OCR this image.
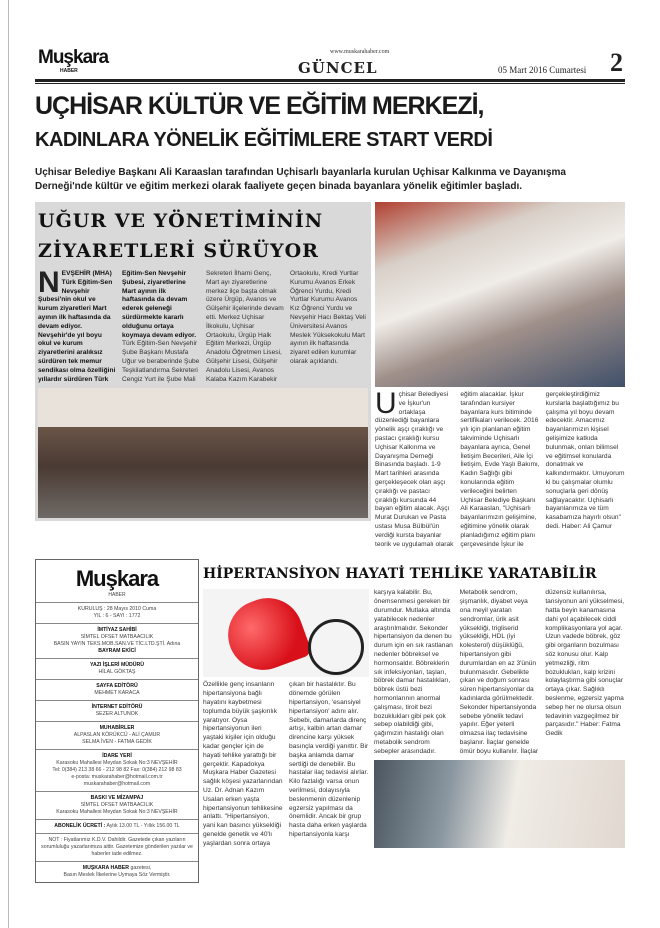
Muşkara
HABER
www.muskarahaber.com
GÜNCEL	05 Mart 2016 Cumartesi 2
UÇHİSAR KÜLTÜR VE EĞİTİM MERKEZİ,
KADINLARA YÖNELİK EĞİTİMLERE START VERDİ
Uçhisar Belediye Başkanı Ali Karaaslan tarafından Uçhisarlı bayanlarla kurulan Uçhisar Kalkınma ve Dayanışma
Derneği'nde kültür ve eğitim merkezi olarak faaliyete geçen binada bayanlara yönelik eğitimler başladı.
UĞUR VE YÖNETİMİNİN
ZİYARETLERİ SÜRÜYOR
NEVŞEHİR (MHA) Türk Eğitim-Sen Nevşehir Şubesi'nin okul ve kurum ziyaretleri Mart ayının ilk haftasında da devam ediyor. Nevşehir'de yıl boyu okul ve kurum ziyaretlerini aralıksız sürdüren tek memur sendikası olma özelliğini yıllardır sürdüren Türk Eğitim-Sen Nevşehir Şubesi, ziyaretlerine Mart ayının ilk haftasında da devam ederek geleneği sürdürmekte kararlı olduğunu ortaya koymaya devam ediyor. Türk Eğitim-Sen Nevşehir Şube Başkanı Mustafa Uğur ve beraberinde Şube Teşkilatlandırma Sekreteri Cengiz Yurt ile Şube Mali Sekreteri İlhami Genç, Mart ayı ziyaretlerine merkez ilçe başta olmak üzere Ürgüp, Avanos ve Gülşehir ilçelerinde devam etti. Merkez Uçhisar İlkokulu, Uçhisar Ortaokulu, Ürgüp Halk Eğitim Merkezi, Ürgüp Anadolu Öğretmen Lisesi, Gülşehir Lisesi, Gülşehir Anadolu Lisesi, Avanos Kalaba Kazım Karabekir Ortaokulu, Kredi Yurtlar Kurumu Avanos Erkek Öğrenci Yurdu, Kredi Yurtlar Kurumu Avanos Kız Öğrenci Yurdu ve Nevşehir Hacı Bektaş Veli Üniversitesi Avanos Meslek Yüksekokulu Mart ayının ilk haftasında ziyaret edilen kurumlar olarak açıklandı.
Uçhisar Belediyesi ve İşkur'un ortaklaşa düzenlediği bayanlara yönelik aşçı çıraklığı ve pastacı çıraklığı kursu Uçhisar Kalkınma ve Dayanışma Derneği Binasında başladı. 1-9 Mart tarihleri arasında gerçekleşecek olan aşçı çıraklığı ve pastacı çıraklığı kursunda 44 bayan eğitim alacak. Aşçı Murat Durukan ve Pasta ustası Musa Bülbül'ün verdiği kursta bayanlar teorik ve uygulamalı olarak eğitim alacaklar. İşkur tarafından kursiyer bayanlara kurs bitiminde sertifikaları verilecek. 2016 yılı için planlanan eğitim takviminde Uçhisarlı bayanlara ayrıca, Genel İletişim Becerileri, Aile İçi İletişim, Evde Yaşlı Bakımı, Kadın Sağlığı gibi konularında eğitim verileceğini belirten Uçhisar Belediye Başkanı Ali Karaaslan, "Uçhisarlı bayanlarımızın gelişimine, eğitimine yönelik olarak planladığımız eğitim planı çerçevesinde İşkur ile gerçekleştirdiğimiz kurslarla başlattığımız bu çalışma yıl boyu devam edecektir. Amacımız bayanlarımızın kişisel gelişimize katkıda bulunmak, onları bilimsel ve eğitimsel konularda donatmak ve kalkındırmaktır. Umuyorum ki bu çalışmalar olumlu sonuçlarla geri dönüş sağlayacaktır. Uçhisarlı bayanlarımıza ve tüm kasabamıza hayırlı olsun" dedi. Haber: Ali Çamur
Muşkara
HABER
KURULUŞ : 28 Mayıs 2010 Cuma
YIL : 6 - SAYI : 1772
İMTİYAZ SAHİBİ
SİMTEL OFSET MATBAACILIK
BASIN YAYIN TEKS.MOB.SAN.VE TİC.LTD.ŞTİ. Adına
BAYRAM EKİCİ
YAZI İŞLERİ MÜDÜRÜ
HİLAL GÖKTAŞ
SAYFA EDİTÖRÜ
MEHMET KARACA
İNTERNET EDİTÖRÜ
SEZER ALTUNOK
MUHABİRLER
ALPASLAN KÖRÜKCÜ - ALİ ÇAMUR
SELMA İVEN - FATMA GEDİK
İDARE YERİ
Karasoku Mahallesi Meydan Sokak No:3 NEVŞEHİR
Tel: 0(384) 213 38 66 - 212 98 82 Fax: 0(384) 212 98 83
e-posta: muskarahaber@hotmail.com.tr
muskarahaber@hotmail.com
BASKI VE MİZAMPAJ
SİMTEL OFSET MATBAACILIK
Karasoku Mahallesi Meydan Sokak No:3 NEVŞEHİR
ABONELİK ÜCRETİ : Aylık 13.00 TL - Yıllık 156.00 TL
NOT : Fiyatlarımız K.D.V. Dahildir. Gazetede çıkan yazıların sorumluluğu yazarlarımıza aittir. Gazetemize gönderilen yazılar ve haberler iade edilmez.
MUŞKARA HABER gazetesi,
Basın Meslek İlkelerine Uymaya Söz Vermiştir.
HİPERTANSİYON HAYATİ TEHLİKE YARATABİLİR
Özellikle genç insanların hipertansiyona bağlı hayatını kaybetmesi toplumda büyük şaşkınlık yaratıyor. Oysa hipertansiyonun ileri yaştaki kişiler için olduğu kadar gençler için de hayati tehlike yarattığı bir gerçektir. Kapadokya Muşkara Haber Gazetesi sağlık köşesi yazarlarından Uz. Dr. Adnan Kazım Usalan erken yaşta hipertansiyonun tehlikesine anlattı. "Hipertansiyon, yani kan basıncı yüksekliği genelde genetik ve 40'lı yaşlardan sonra ortaya çıkan bir hastalıktır. Bu dönemde görülen hipertansiyon, 'esansiyel hipertansiyon' adını alır. Sebebi, damarlarda direnç artışı, kalbin artan damar direncine karşı yüksek basınçla verdiği yanıttır. Bir başka anlamda damar sertliği de denebilir. Bu hastalar ilaç tedavisi alırlar. Kilo fazlalığı varsa onun verilmesi, dolayısıyla beslenmenin düzenlenip egzersiz yapılması da önemlidir. Ancak bir grup hasta daha erken yaşlarda hipertansiyonla karşı
karşıya kalabilir. Bu, önemsenmesi gereken bir durumdur. Mutlaka altında yatabilecek nedenler araştırılmalıdır. Sekonder hipertansiyon da denen bu durum için en sık rastlanan nedenler böbreksel ve hormonsaldır. Böbreklerin sık infeksiyonları, taşları, böbrek damar hastalıkları, böbrek üstü bezi hormonlarının anormal çalışması, tiroit bezi bozuklukları gibi pek çok sebep olabildiği gibi, çağımızın hastalığı olan metabolik sendrom sebepler arasındadır. Metabolik sendrom, şişmanlık, diyabet veya ona meyil yaratan sendromlar, ürik asit yüksekliği, trigliserid yüksekliği, HDL (iyi kolesterol) düşüklüğü, hipertansiyon gibi durumlardan en az 3'ünün bulunmasıdır. Gebelikte çıkan ve doğum sonrası süren hipertansiyonlar da kadınlarda görülmektedir. Sekonder hipertansiyonda sebebe yönelik tedavi yapılır. Eğer yeterli olmazsa ilaç tedavisine başlanır. İlaçlar genelde ömür boyu kullanılır. İlaçlar düzensiz kullanılırsa, tansiyonun ani yükselmesi, hatta beyin kanamasına dahi yol açabilecek ciddi komplikasyonlara yol açar. Uzun vadede böbrek, göz gibi organların bozulması söz konusu olur. Kalp yetmezliği, ritm bozuklukları, kalp krizini kolaylaştırma gibi sonuçlar ortaya çıkar. Sağlıklı beslenme, egzersiz yapma sebep her ne olursa olsun tedavinin vazgeçilmez bir parçasıdır." Haber: Fatma Gedik
